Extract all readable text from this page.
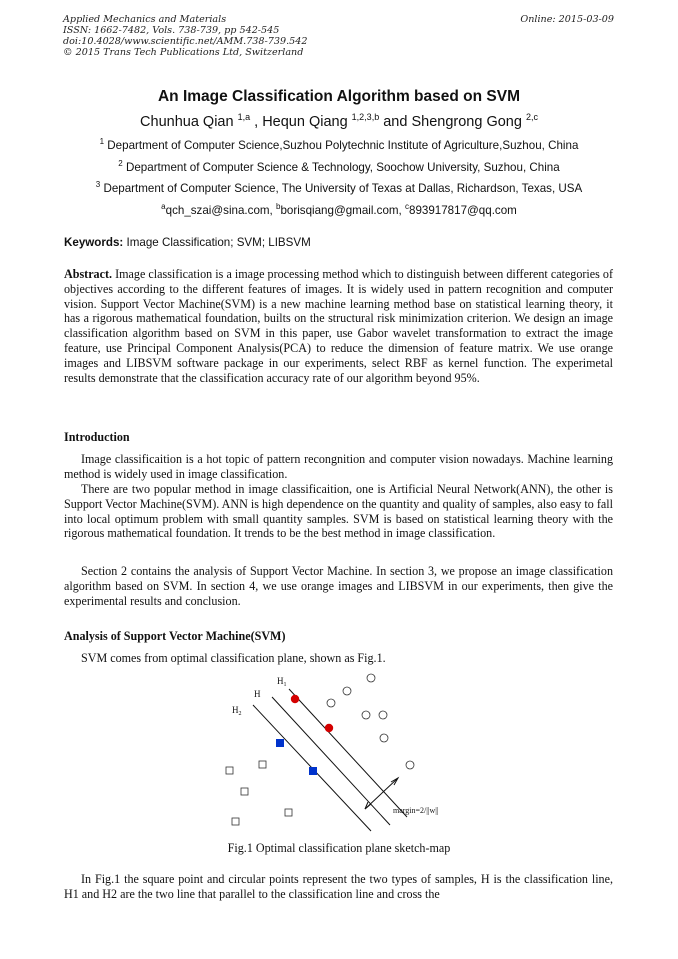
Applied Mechanics and Materials
ISSN: 1662-7482, Vols. 738-739, pp 542-545
doi:10.4028/www.scientific.net/AMM.738-739.542
© 2015 Trans Tech Publications Ltd, Switzerland
Online: 2015-03-09
An Image Classification Algorithm based on SVM
Chunhua Qian $^{1,a}$ , Hequn Qiang $^{1,2,3,b}$ and Shengrong Gong $^{2,c}$
$^1$ Department of Computer Science,Suzhou Polytechnic Institute of Agriculture,Suzhou, China
$^2$ Department of Computer Science & Technology, Soochow University, Suzhou, China
$^3$ Department of Computer Science, The University of Texas at Dallas, Richardson, Texas, USA
$^a$qch_szai@sina.com, $^b$borisqiang@gmail.com, $^c$893917817@qq.com
Keywords: Image Classification; SVM; LIBSVM
Abstract. Image classification is a image processing method which to distinguish between different categories of objectives according to the different features of images. It is widely used in pattern recognition and computer vision. Support Vector Machine(SVM) is a new machine learning method base on statistical learning theory, it has a rigorous mathematical foundation, builts on the structural risk minimization criterion. We design an image classification algorithm based on SVM in this paper, use Gabor wavelet transformation to extract the image feature, use Principal Component Analysis(PCA) to reduce the dimension of feature matrix. We use orange images and LIBSVM software package in our experiments, select RBF as kernel function. The experimetal results demonstrate that the classification accuracy rate of our algorithm beyond 95%.
Introduction
Image classificaition is a hot topic of pattern recongnition and computer vision nowadays. Machine learning method is widely used in image classification.
There are two popular method in image classificaition, one is Artificial Neural Network(ANN), the other is Support Vector Machine(SVM). ANN is high dependence on the quantity and quality of samples, also easy to fall into local optimum problem with small quantity samples. SVM is based on statistical learning theory with the rigorous mathematical foundation. It trends to be the best method in image classification.
Section 2 contains the analysis of Support Vector Machine. In section 3, we propose an image classification algorithm based on SVM. In section 4, we use orange images and LIBSVM in our experiments, then give the experimental results and conclusion.
Analysis of Support Vector Machine(SVM)
SVM comes from optimal classification plane, shown as Fig.1.
$H_1$
H
$H_2$
margin=2/||w||
Fig.1 Optimal classification plane sketch-map
In Fig.1 the square point and circular points represent the two types of samples, H is the classification line, H1 and H2 are the two line that parallel to the classification line and cross the
